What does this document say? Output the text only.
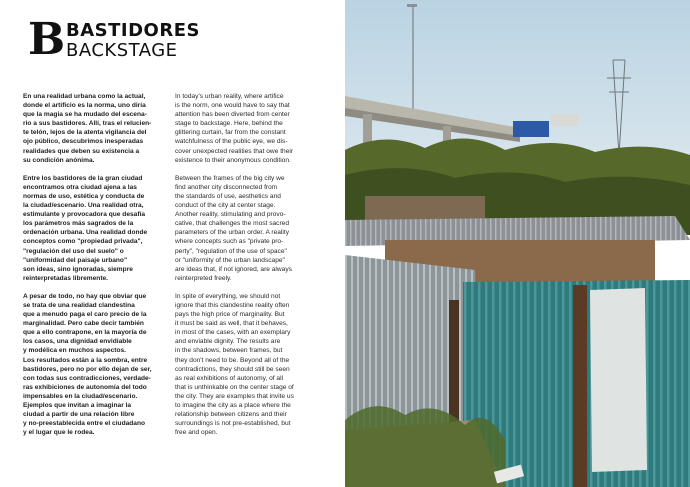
B BASTIDORES
BACKSTAGE

En una realidad urbana como la actual,
donde el artificio es la norma, uno diría
que la magia se ha mudado del escena-
rio a sus bastidores. Allí, tras el relucien-
te telón, lejos de la atenta vigilancia del
ojo público, descubrimos inesperadas
realidades que deben su existencia a
su condición anónima.

Entre los bastidores de la gran ciudad
encontramos otra ciudad ajena a las
normas de uso, estética y conducta de
la ciudad/escenario. Una realidad otra,
estimulante y provocadora que desafía
los parámetros más sagrados de la
ordenación urbana. Una realidad donde
conceptos como "propiedad privada",
"regulación del uso del suelo" o
"uniformidad del paisaje urbano"
son ideas, sino ignoradas, siempre
reinterpretadas libremente.

A pesar de todo, no hay que obviar que
se trata de una realidad clandestina
que a menudo paga el caro precio de la
marginalidad. Pero cabe decir también
que a ello contrapone, en la mayoría de
los casos, una dignidad envidiable
y modélica en muchos aspectos.
Los resultados están a la sombra, entre
bastidores, pero no por ello dejan de ser,
con todas sus contradicciones, verdade-
ras exhibiciones de autonomía del todo
impensables en la ciudad/escenario.
Ejemplos que invitan a imaginar la
ciudad a partir de una relación libre
y no-preestablecida entre el ciudadano
y el lugar que le rodea.

In today's urban reality, where artifice
is the norm, one would have to say that
attention has been diverted from center
stage to backstage. Here, behind the
glittering curtain, far from the constant
watchfulness of the public eye, we dis-
cover unexpected realities that owe their
existence to their anonymous condition.

Between the frames of the big city we
find another city disconnected from
the standards of use, aesthetics and
conduct of the city at center stage.
Another reality, stimulating and provo-
cative, that challenges the most sacred
parameters of the urban order. A reality
where concepts such as "private pro-
perty", "regulation of the use of space"
or "uniformity of the urban landscape"
are ideas that, if not ignored, are always
reinterpreted freely.

In spite of everything, we should not
ignore that this clandestine reality often
pays the high price of marginality. But
it must be said as well, that it behaves,
in most of the cases, with an exemplary
and enviable dignity. The results are
in the shadows, between frames, but
they don't need to be. Beyond all of the
contradictions, they should still be seen
as real exhibitions of autonomy, of all
that is unthinkable on the center stage of
the city. They are examples that invite us
to imagine the city as a place where the
relationship between citizens and their
surroundings is not pre-established, but
free and open.
